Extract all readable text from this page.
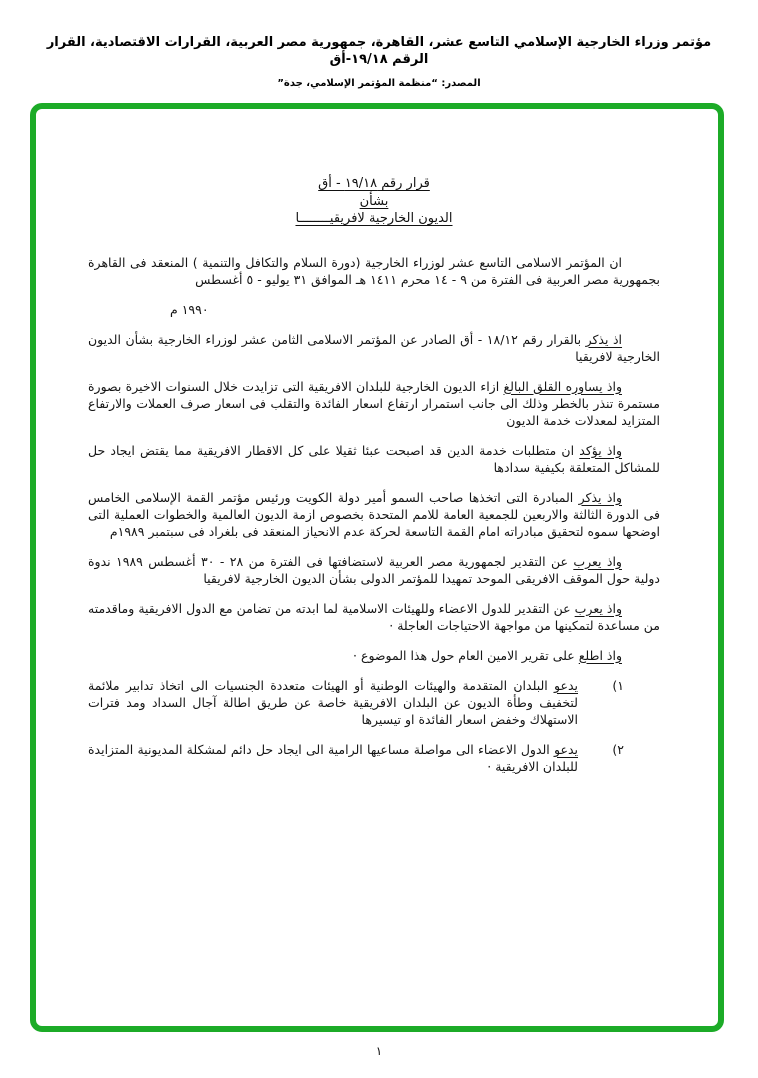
مؤتمر وزراء الخارجية الإسلامي التاسع عشر، القاهرة، جمهورية مصر العربية، القرارات الاقتصادية، القرار الرقم ١٩/١٨-أق
المصدر: “منظمة المؤتمر الإسلامي، جدة”
قرار رقم ١٩/١٨ - أق
بشأن
الديون الخارجية لافريقيــــــــا

ان المؤتمر الاسلامى التاسع عشر لوزراء الخارجية (دورة السلام والتكافل والتنمية ) المنعقد فى القاهرة بجمهورية مصر العربية فى الفترة من ٩ - ١٤ محرم ١٤١١ هـ الموافق ٣١ يوليو - ٥ أغسطس

١٩٩٠ م

اذ يذكر بالقرار رقم ١٨/١٢ - أق الصادر عن المؤتمر الاسلامى الثامن عشر لوزراء الخارجية بشأن الديون الخارجية لافريقيا

واذ يساوره القلق البالغ ازاء الديون الخارجية للبلدان الافريقية التى تزايدت خلال السنوات الاخيرة بصورة مستمرة تنذر بالخطر وذلك الى جانب استمرار ارتفاع اسعار الفائدة والتقلب فى اسعار صرف العملات والارتفاع المتزايد لمعدلات خدمة الديون

واذ يؤكد ان متطلبات خدمة الدين قد اصبحت عبئا ثقيلا على كل الاقطار الافريقية مما يقتض ايجاد حل للمشاكل المتعلقة بكيفية سدادها

واذ يذكر المبادرة التى اتخذها صاحب السمو أمير دولة الكويت ورئيس مؤتمر القمة الإسلامى الخامس فى الدورة الثالثة والاربعين للجمعية العامة للامم المتحدة بخصوص ازمة الديون العالمية والخطوات العملية التى اوضحها سموه لتحقيق مبادراته امام القمة التاسعة لحركة عدم الانحياز المنعقد فى بلغراد فى سبتمبر ١٩٨٩م

واذ يعرب عن التقدير لجمهورية مصر العربية لاستضافتها فى الفترة من ٢٨ - ٣٠ أغسطس ١٩٨٩ ندوة دولية حول الموقف الافريقى الموحد تمهيدا للمؤتمر الدولى بشأن الديون الخارجية لافريقيا

واذ يعرب عن التقدير للدول الاعضاء وللهيئات الاسلامية لما ابدته من تضامن مع الدول الافريقية وماقدمته من مساعدة لتمكينها من مواجهة الاحتياجات العاجلة ·

واذ اطلع على تقرير الامين العام حول هذا الموضوع ·

١)
يدعو البلدان المتقدمة والهيئات الوطنية أو الهيئات متعددة الجنسيات الى اتخاذ تدابير ملائمة لتخفيف وطأة الديون عن البلدان الافريقية خاصة عن طريق اطالة آجال السداد ومد فترات الاستهلاك وخفض اسعار الفائدة او تيسيرها
٢)
يدعو الدول الاعضاء الى مواصلة مساعيها الرامية الى ايجاد حل دائم لمشكلة المديونية المتزايدة للبلدان الافريقية ·
١
